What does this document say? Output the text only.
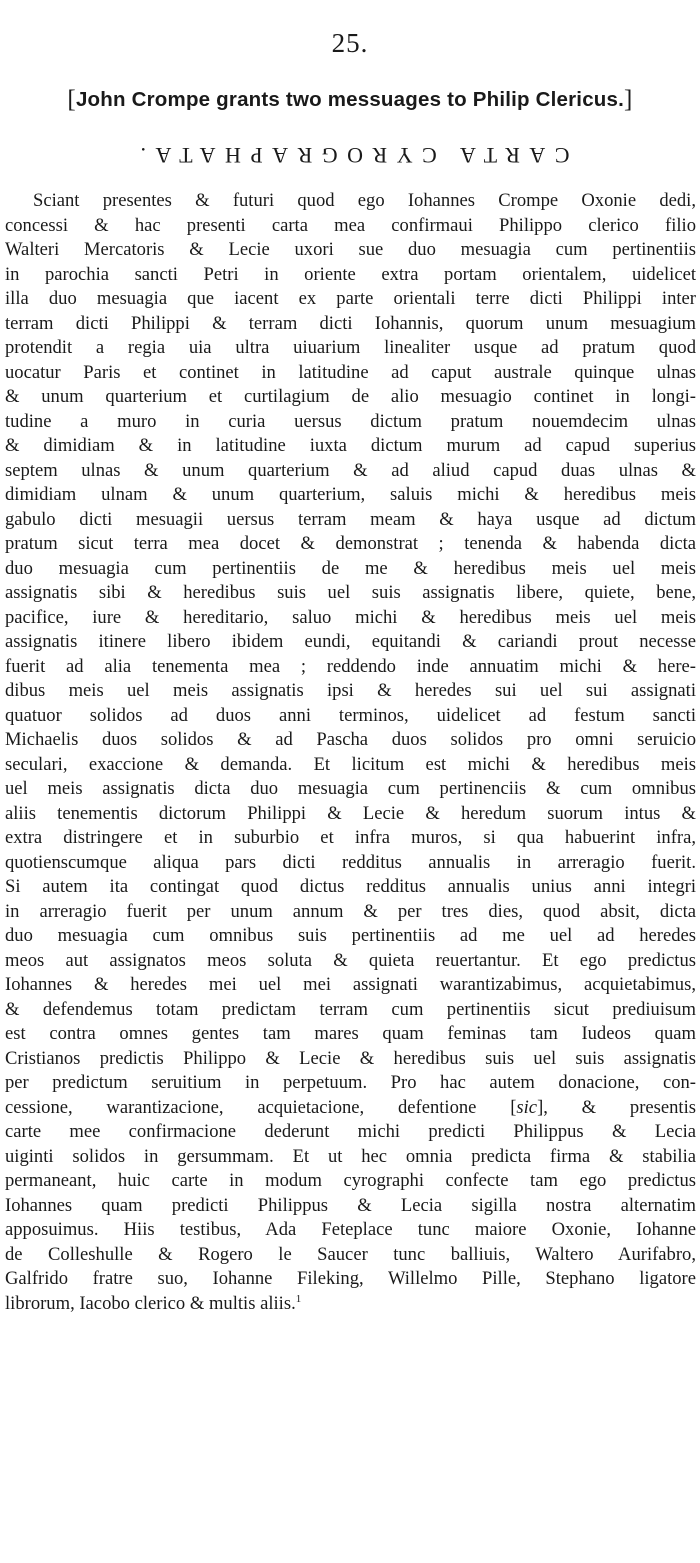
25.
[John Crompe grants two messuages to Philip Clericus.]
CARTA CYROGRAPHATA.
Sciant presentes & futuri quod ego Iohannes Crompe Oxonie dedi,
concessi & hac presenti carta mea confirmaui Philippo clerico filio
Walteri Mercatoris & Lecie uxori sue duo mesuagia cum pertinentiis
in parochia sancti Petri in oriente extra portam orientalem, uidelicet
illa duo mesuagia que iacent ex parte orientali terre dicti Philippi inter
terram dicti Philippi & terram dicti Iohannis, quorum unum mesuagium
protendit a regia uia ultra uiuarium linealiter usque ad pratum quod
uocatur Paris et continet in latitudine ad caput australe quinque ulnas
& unum quarterium et curtilagium de alio mesuagio continet in longi-
tudine a muro in curia uersus dictum pratum nouemdecim ulnas
& dimidiam & in latitudine iuxta dictum murum ad capud superius
septem ulnas & unum quarterium & ad aliud capud duas ulnas &
dimidiam ulnam & unum quarterium, saluis michi & heredibus meis
gabulo dicti mesuagii uersus terram meam & haya usque ad dictum
pratum sicut terra mea docet & demonstrat ; tenenda & habenda dicta
duo mesuagia cum pertinentiis de me & heredibus meis uel meis
assignatis sibi & heredibus suis uel suis assignatis libere, quiete, bene,
pacifice, iure & hereditario, saluo michi & heredibus meis uel meis
assignatis itinere libero ibidem eundi, equitandi & cariandi prout necesse
fuerit ad alia tenementa mea ; reddendo inde annuatim michi & here-
dibus meis uel meis assignatis ipsi & heredes sui uel sui assignati
quatuor solidos ad duos anni terminos, uidelicet ad festum sancti
Michaelis duos solidos & ad Pascha duos solidos pro omni seruicio
seculari, exaccione & demanda. Et licitum est michi & heredibus meis
uel meis assignatis dicta duo mesuagia cum pertinenciis & cum omnibus
aliis tenementis dictorum Philippi & Lecie & heredum suorum intus &
extra distringere et in suburbio et infra muros, si qua habuerint infra,
quotienscumque aliqua pars dicti redditus annualis in arreragio fuerit.
Si autem ita contingat quod dictus redditus annualis unius anni integri
in arreragio fuerit per unum annum & per tres dies, quod absit, dicta
duo mesuagia cum omnibus suis pertinentiis ad me uel ad heredes
meos aut assignatos meos soluta & quieta reuertantur. Et ego predictus
Iohannes & heredes mei uel mei assignati warantizabimus, acquietabimus,
& defendemus totam predictam terram cum pertinentiis sicut prediuisum
est contra omnes gentes tam mares quam feminas tam Iudeos quam
Cristianos predictis Philippo & Lecie & heredibus suis uel suis assignatis
per predictum seruitium in perpetuum. Pro hac autem donacione, con-
cessione, warantizacione, acquietacione, defentione [sic], & presentis
carte mee confirmacione dederunt michi predicti Philippus & Lecia
uiginti solidos in gersummam. Et ut hec omnia predicta firma & stabilia
permaneant, huic carte in modum cyrographi confecte tam ego predictus
Iohannes quam predicti Philippus & Lecia sigilla nostra alternatim
apposuimus. Hiis testibus, Ada Feteplace tunc maiore Oxonie, Iohanne
de Colleshulle & Rogero le Saucer tunc balliuis, Waltero Aurifabro,
Galfrido fratre suo, Iohanne Fileking, Willelmo Pille, Stephano ligatore
librorum, Iacobo clerico & multis aliis.$^1$
